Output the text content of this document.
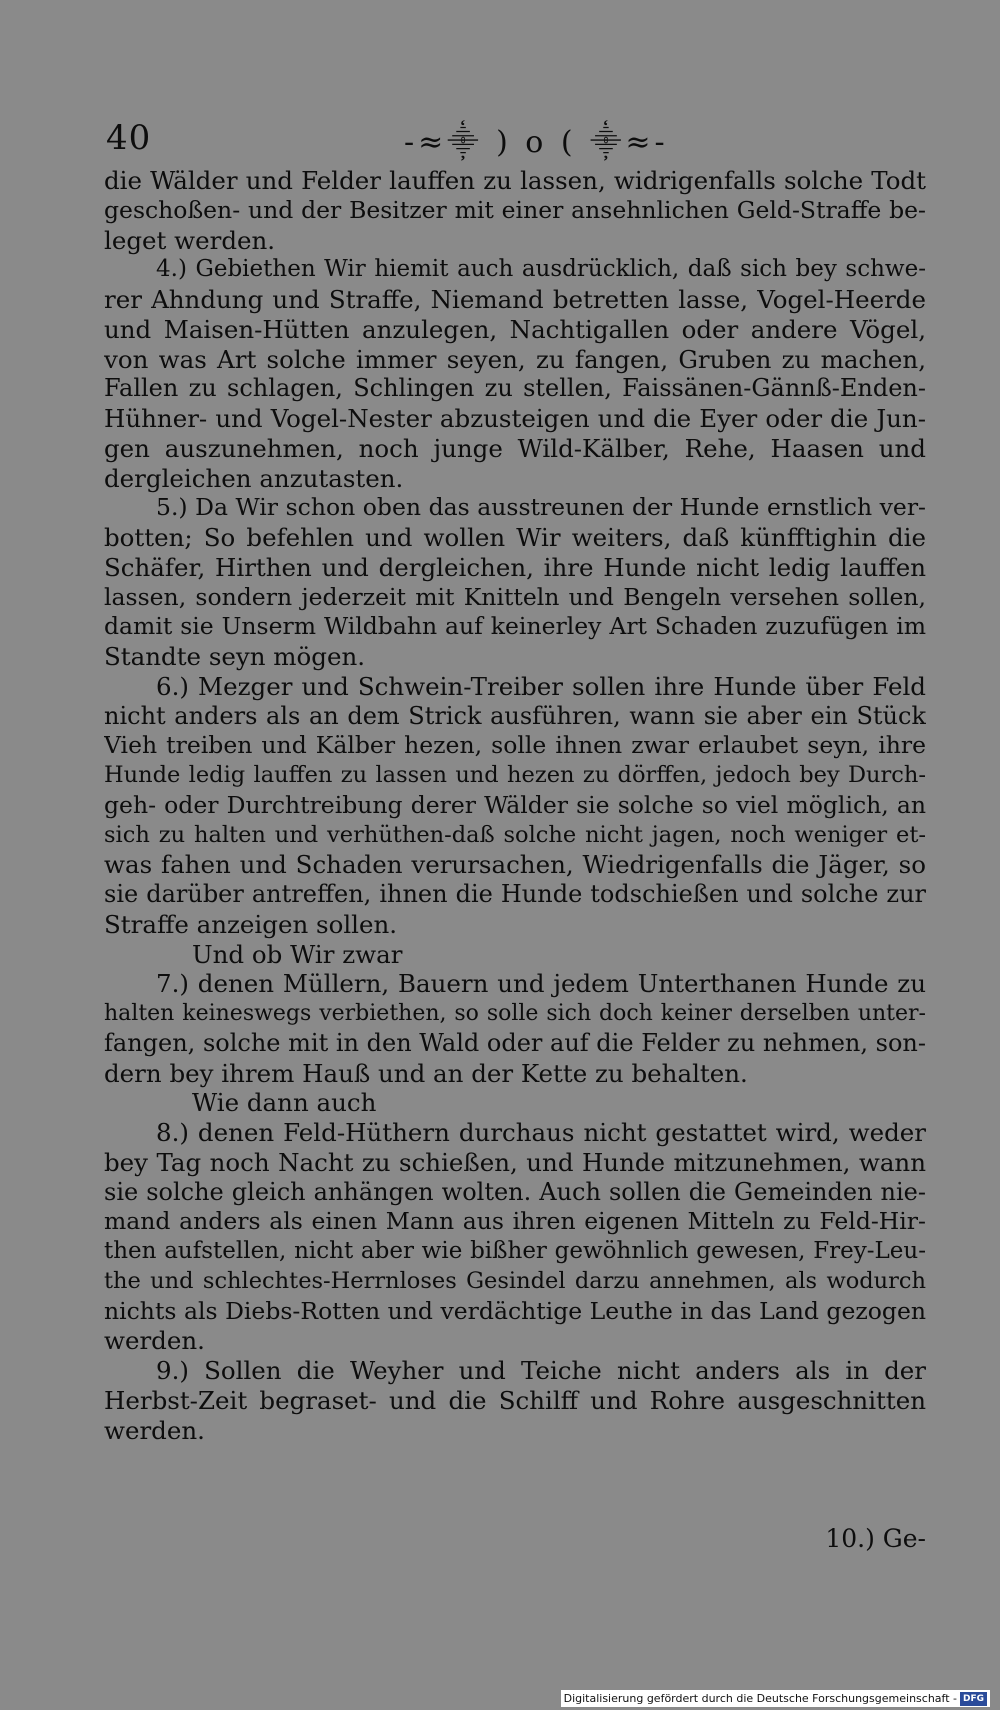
40	-≈⸎ ) o ( ⸎≈-
die Wälder und Felder lauffen zu lassen, widrigenfalls solche Todt
geschoßen- und der Besitzer mit einer ansehnlichen Geld-Straffe be-
leget werden.
4.) Gebiethen Wir hiemit auch ausdrücklich, daß sich bey schwe-
rer Ahndung und Straffe, Niemand betretten lasse, Vogel-Heerde
und Maisen-Hütten anzulegen, Nachtigallen oder andere Vögel,
von was Art solche immer seyen, zu fangen, Gruben zu machen,
Fallen zu schlagen, Schlingen zu stellen, Faissänen-Gännß-Enden-
Hühner- und Vogel-Nester abzusteigen und die Eyer oder die Jun-
gen auszunehmen, noch junge Wild-Kälber, Rehe, Haasen und
dergleichen anzutasten.
5.) Da Wir schon oben das ausstreunen der Hunde ernstlich ver-
botten; So befehlen und wollen Wir weiters, daß künfftighin die
Schäfer, Hirthen und dergleichen, ihre Hunde nicht ledig lauffen
lassen, sondern jederzeit mit Knitteln und Bengeln versehen sollen,
damit sie Unserm Wildbahn auf keinerley Art Schaden zuzufügen im
Standte seyn mögen.
6.) Mezger und Schwein-Treiber sollen ihre Hunde über Feld
nicht anders als an dem Strick ausführen, wann sie aber ein Stück
Vieh treiben und Kälber hezen, solle ihnen zwar erlaubet seyn, ihre
Hunde ledig lauffen zu lassen und hezen zu dörffen, jedoch bey Durch-
geh- oder Durchtreibung derer Wälder sie solche so viel möglich, an
sich zu halten und verhüthen-daß solche nicht jagen, noch weniger et-
was fahen und Schaden verursachen, Wiedrigenfalls die Jäger, so
sie darüber antreffen, ihnen die Hunde todschießen und solche zur
Straffe anzeigen sollen.
Und ob Wir zwar
7.) denen Müllern, Bauern und jedem Unterthanen Hunde zu
halten keineswegs verbiethen, so solle sich doch keiner derselben unter-
fangen, solche mit in den Wald oder auf die Felder zu nehmen, son-
dern bey ihrem Hauß und an der Kette zu behalten.
Wie dann auch
8.) denen Feld-Hüthern durchaus nicht gestattet wird, weder
bey Tag noch Nacht zu schießen, und Hunde mitzunehmen, wann
sie solche gleich anhängen wolten. Auch sollen die Gemeinden nie-
mand anders als einen Mann aus ihren eigenen Mitteln zu Feld-Hir-
then aufstellen, nicht aber wie bißher gewöhnlich gewesen, Frey-Leu-
the und schlechtes-Herrnloses Gesindel darzu annehmen, als wodurch
nichts als Diebs-Rotten und verdächtige Leuthe in das Land gezogen
werden.
9.) Sollen die Weyher und Teiche nicht anders als in der
Herbst-Zeit begraset- und die Schilff und Rohre ausgeschnitten
werden.
10.) Ge-
Digitalisierung gefördert durch die Deutsche Forschungsgemeinschaft - DFG
